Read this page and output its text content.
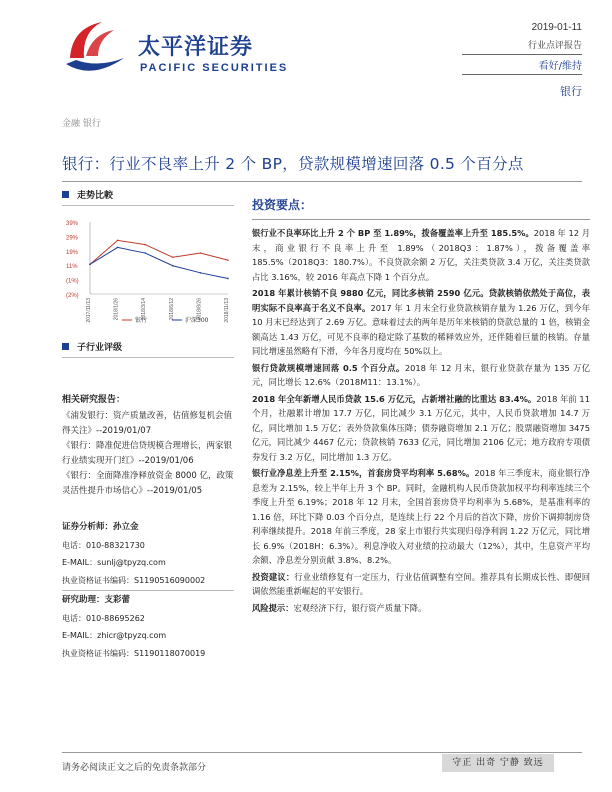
太平洋证券
PACIFIC SECURITIES
2019-01-11
行业点评报告
看好/维持
银行
金融 银行
银行：行业不良率上升 2 个 BP，贷款规模增速回落 0.5 个百分点
走势比較
39%
29%
19%
11%
(1%)
(2%)
2017/11/13	2018/1/26	2018/3/14	2018/6/12	2018/8/26	2018/11/13
银行	沪深300
子行业评级
相关研究报告：
《浦发银行：资产质量改善，估值修复机会值得关注》--2019/01/07
《银行：降准促进信贷规模合理增长，两家银行业绩实现开门红》--2019/01/06
《银行：全面降准净释放资金 8000 亿，政策灵活性提升市场信心》--2019/01/05
证券分析师：孙立金
电话：010-88321730
E-MAIL：sunlj@tpyzq.com
执业资格证书编码：S1190516090002
研究助理：支彩蕾
电话：010-88695262
E-MAIL：zhicr@tpyzq.com
执业资格证书编码：S1190118070019
投资要点：
银行业不良率环比上升 2 个 BP 至 1.89%，拨备覆盖率上升至 185.5%。2018 年 12 月末，商业银行不良率上升至 1.89%（2018Q3：1.87%），拨备覆盖率 185.5%（2018Q3：180.7%）。不良贷款余额 2 万亿，关注类贷款 3.4 万亿，关注类贷款占比 3.16%，较 2016 年高点下降 1 个百分点。
2018 年累计核销不良 9880 亿元，同比多核销 2590 亿元。贷款核销依然处于高位，表明实际不良率高于名义不良率。2017 年 1 月末全行业贷款核销存量为 1.26 万亿，到今年 10 月末已经达到了 2.69 万亿。意味着过去的两年是历年来核销的贷款总量的 1 倍，核销金额高达 1.43 万亿，可见不良率的稳定除了基数的稀释效应外，还伴随着巨量的核销。存量同比增速虽然略有下滑，今年各月度均在 50%以上。
银行贷款规模增速回落 0.5 个百分点。2018 年 12 月末，银行业贷款存量为 135 万亿元，同比增长 12.6%（2018M11：13.1%）。
2018 年全年新增人民币贷款 15.6 万亿元，占新增社融的比重达 83.4%。2018 年前 11 个月，社融累计增加 17.7 万亿，同比减少 3.1 万亿元，其中，人民币贷款增加 14.7 万亿，同比增加 1.5 万亿；表外贷款集体压降；债券融资增加 2.1 万亿；股票融资增加 3475 亿元，同比减少 4467 亿元；贷款核销 7633 亿元，同比增加 2106 亿元；地方政府专项债券发行 3.2 万亿，同比增加 1.3 万亿。
银行业净息差上升至 2.15%，首套房贷平均利率 5.68%。2018 年三季度末，商业银行净息差为 2.15%，较上半年上升 3 个 BP。同时，金融机构人民币贷款加权平均利率连续三个季度上升至 6.19%；2018 年 12 月末，全国首套房贷平均利率为 5.68%，是基准利率的 1.16 倍，环比下降 0.03 个百分点，是连续上行 22 个月后的首次下降，房价下调抑制房贷利率继续提升。2018 年前三季度，28 家上市银行共实现归母净利润 1.22 万亿元，同比增长 6.9%（2018H：6.3%）。利息净收入对业绩的拉动最大（12%），其中，生息资产平均余额、净息差分别贡献 3.8%、8.2%。
投资建议：行业业绩修复有一定压力，行业估值调整有空间。推荐具有长期成长性、即便回调依然能重新崛起的平安银行。
风险提示：宏观经济下行，银行资产质量下降。
请务必阅读正文之后的免责条款部分	守正 出奇 宁静 致远
